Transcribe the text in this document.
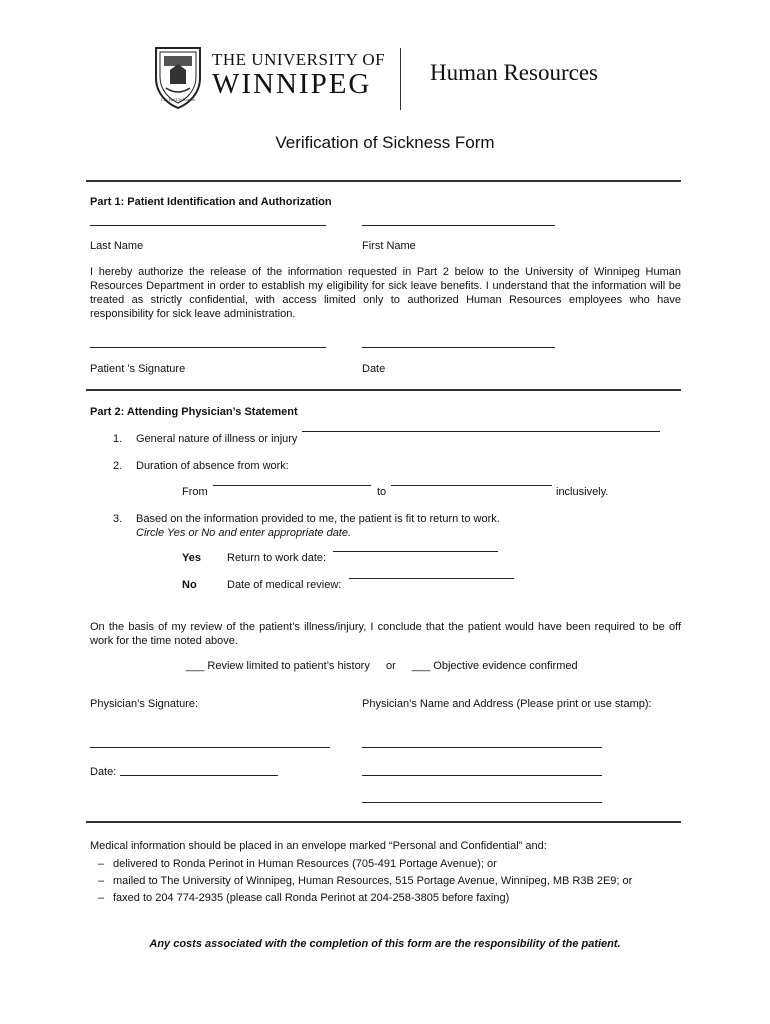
Lux Fiat Ubi Bonum
THE UNIVERSITY OF
WINNIPEG	Human Resources
Verification of Sickness Form
Part 1: Patient Identification and Authorization
Last Name	First Name
I hereby authorize the release of the information requested in Part 2 below to the University of Winnipeg Human Resources Department in order to establish my eligibility for sick leave benefits. I understand that the information will be treated as strictly confidential, with access limited only to authorized Human Resources employees who have responsibility for sick leave administration.
Patient ’s Signature	Date
Part 2: Attending Physician’s Statement
1. General nature of illness or injury
2. Duration of absence from work:
From	to	inclusively.
3. Based on the information provided to me, the patient is fit to return to work.
Circle Yes or No and enter appropriate date.
Yes Return to work date:
No	Date of medical review:
On the basis of my review of the patient’s illness/injury, I conclude that the patient would have been required to be off work for the time noted above.
___ Review limited to patient’s history or ___ Objective evidence confirmed
Physician’s Signature:	Physician’s Name and Address (Please print or use stamp):
Date:
Medical information should be placed in an envelope marked “Personal and Confidential” and:
– delivered to Ronda Perinot in Human Resources (705-491 Portage Avenue); or
– mailed to The University of Winnipeg, Human Resources, 515 Portage Avenue, Winnipeg, MB R3B 2E9; or
– faxed to 204 774-2935 (please call Ronda Perinot at 204-258-3805 before faxing)
Any costs associated with the completion of this form are the responsibility of the patient.
